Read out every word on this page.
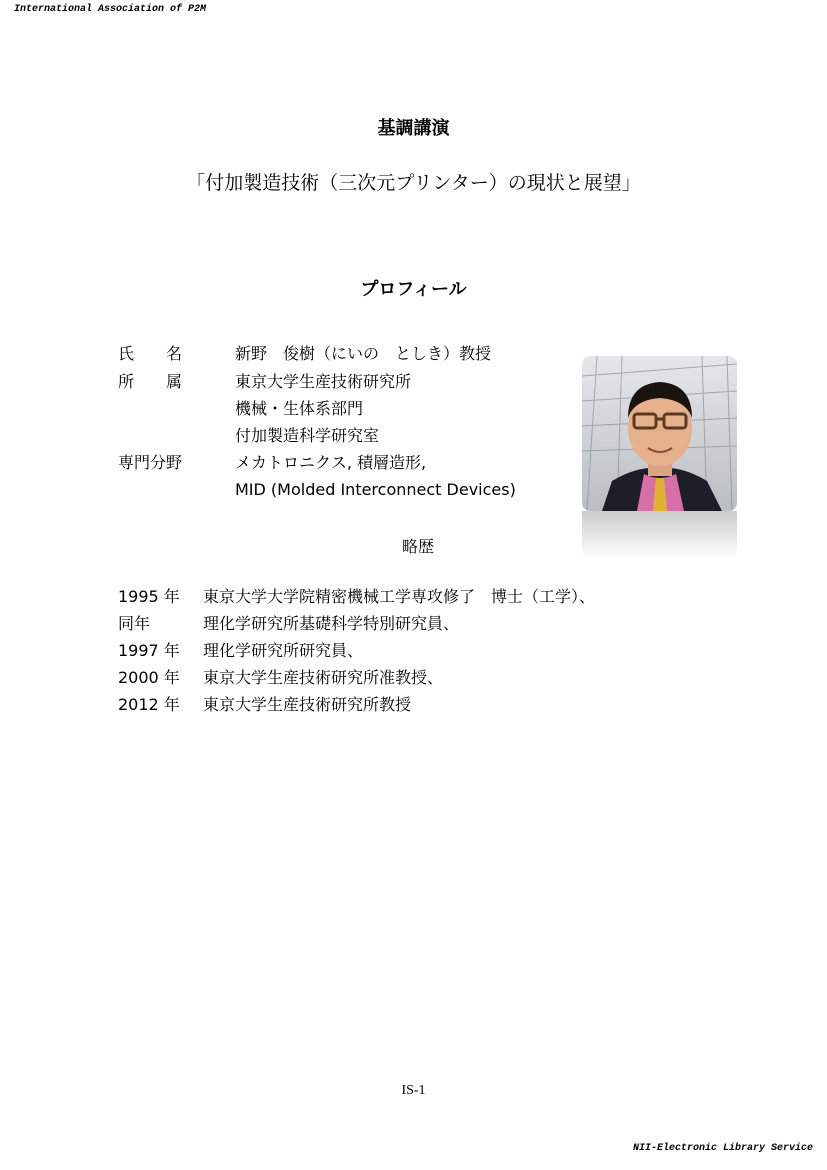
International Association of P2M
基調講演
「付加製造技術（三次元プリンター）の現状と展望」
プロフィール
氏　　名	新野　俊樹（にいの　としき）教授
所　　属	東京大学生産技術研究所
機械・生体系部門
付加製造科学研究室
専門分野	メカトロニクス, 積層造形,
MID (Molded Interconnect Devices)
略歴
1995 年 東京大学大学院精密機械工学専攻修了　博士（工学）、
同年	理化学研究所基礎科学特別研究員、
1997 年 理化学研究所研究員、
2000 年 東京大学生産技術研究所准教授、
2012 年 東京大学生産技術研究所教授
IS-1
NII-Electronic Library Service
